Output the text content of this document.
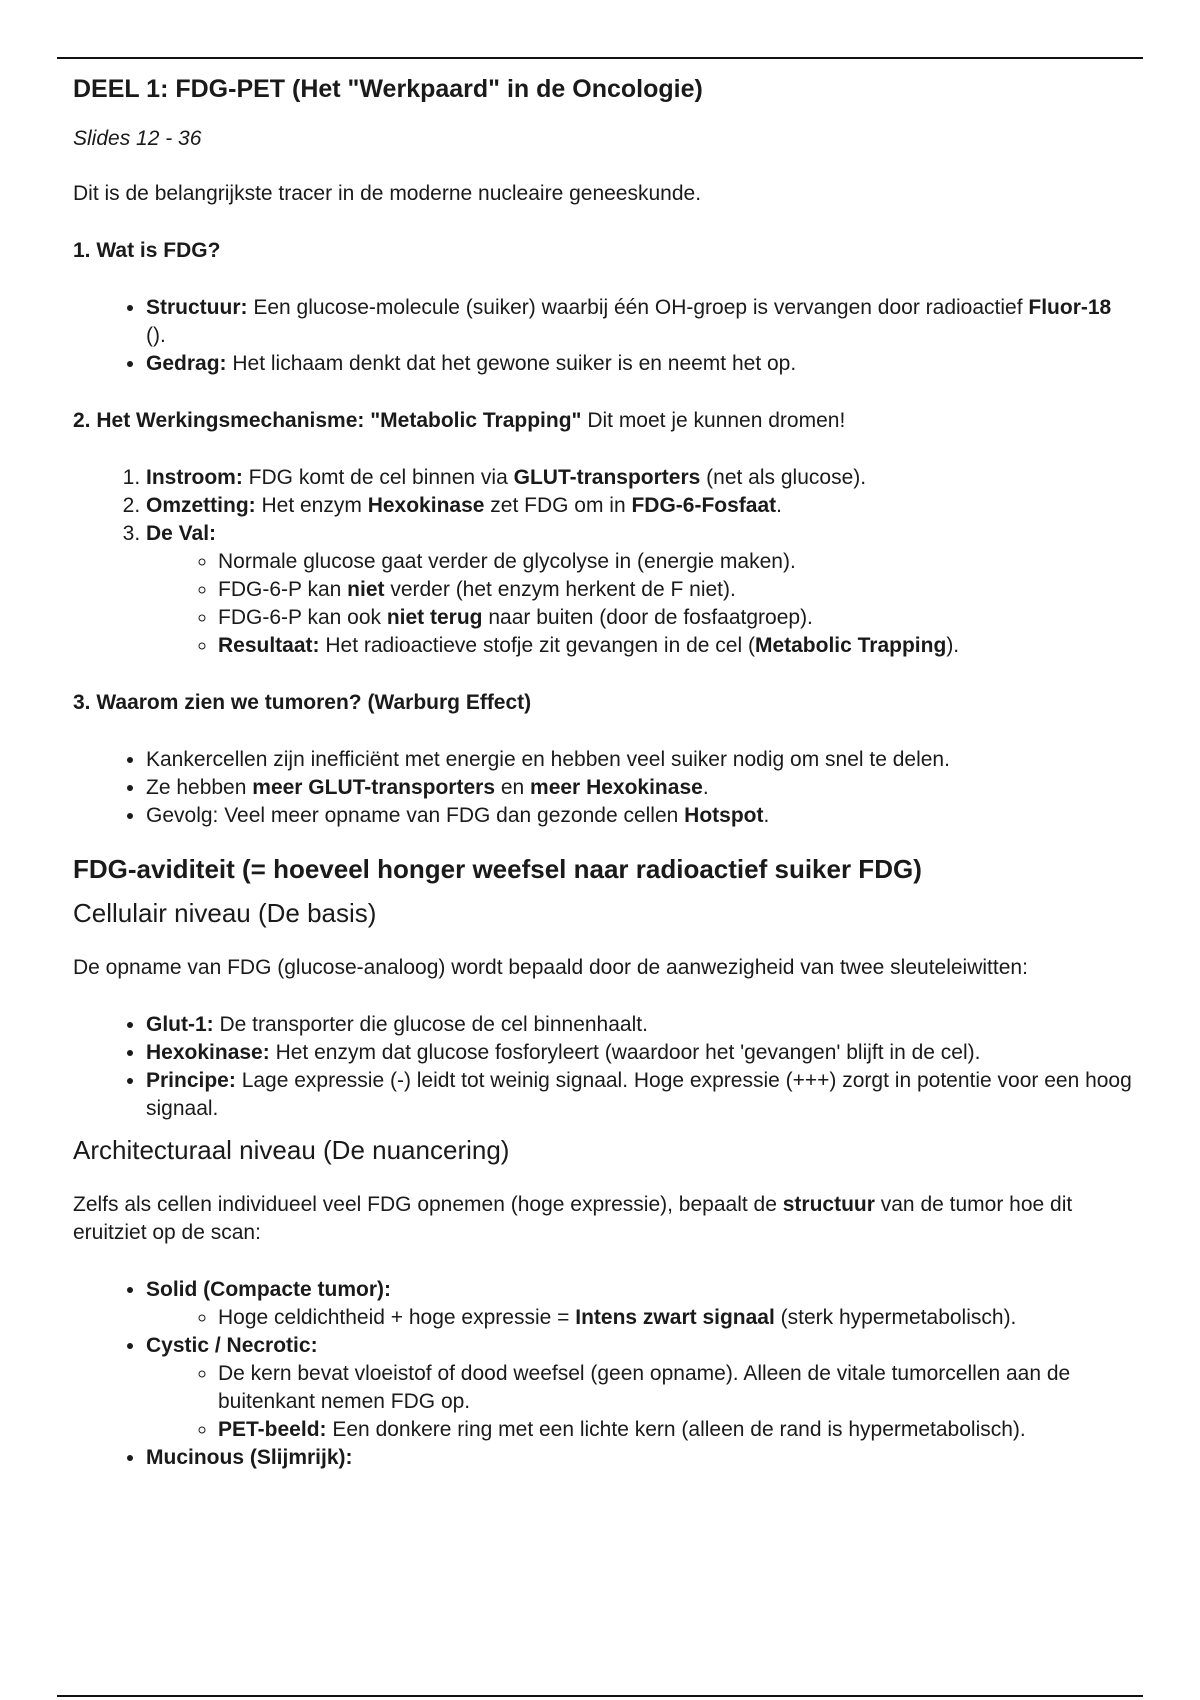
DEEL 1: FDG-PET (Het "Werkpaard" in de Oncologie)
Slides 12 - 36

Dit is de belangrijkste tracer in de moderne nucleaire geneeskunde.

1. Wat is FDG?
• Structuur: Een glucose-molecule (suiker) waarbij één OH-groep is vervangen door radioactief Fluor-18 ().
• Gedrag: Het lichaam denkt dat het gewone suiker is en neemt het op.
2. Het Werkingsmechanisme: "Metabolic Trapping" Dit moet je kunnen dromen!
1. Instroom: FDG komt de cel binnen via GLUT-transporters (net als glucose).
2. Omzetting: Het enzym Hexokinase zet FDG om in FDG-6-Fosfaat.
3. De Val:
◦ Normale glucose gaat verder de glycolyse in (energie maken).
◦ FDG-6-P kan niet verder (het enzym herkent de F niet).
◦ FDG-6-P kan ook niet terug naar buiten (door de fosfaatgroep).
◦ Resultaat: Het radioactieve stofje zit gevangen in de cel (Metabolic Trapping).
3. Waarom zien we tumoren? (Warburg Effect)
• Kankercellen zijn inefficiënt met energie en hebben veel suiker nodig om snel te delen.
• Ze hebben meer GLUT-transporters en meer Hexokinase.
• Gevolg: Veel meer opname van FDG dan gezonde cellen Hotspot.
FDG-aviditeit (= hoeveel honger weefsel naar radioactief suiker FDG)
Cellulair niveau (De basis)

De opname van FDG (glucose-analoog) wordt bepaald door de aanwezigheid van twee sleuteleiwitten:

• Glut-1: De transporter die glucose de cel binnenhaalt.
• Hexokinase: Het enzym dat glucose fosforyleert (waardoor het 'gevangen' blijft in de cel).
• Principe: Lage expressie (-) leidt tot weinig signaal. Hoge expressie (+++) zorgt in potentie voor een hoog signaal.
Architecturaal niveau (De nuancering)

Zelfs als cellen individueel veel FDG opnemen (hoge expressie), bepaalt de structuur van de tumor hoe dit eruitziet op de scan:

• Solid (Compacte tumor):
◦ Hoge celdichtheid + hoge expressie = Intens zwart signaal (sterk hypermetabolisch).
• Cystic / Necrotic:
◦ De kern bevat vloeistof of dood weefsel (geen opname). Alleen de vitale tumorcellen aan de buitenkant nemen FDG op.
◦ PET-beeld: Een donkere ring met een lichte kern (alleen de rand is hypermetabolisch).
• Mucinous (Slijmrijk):
